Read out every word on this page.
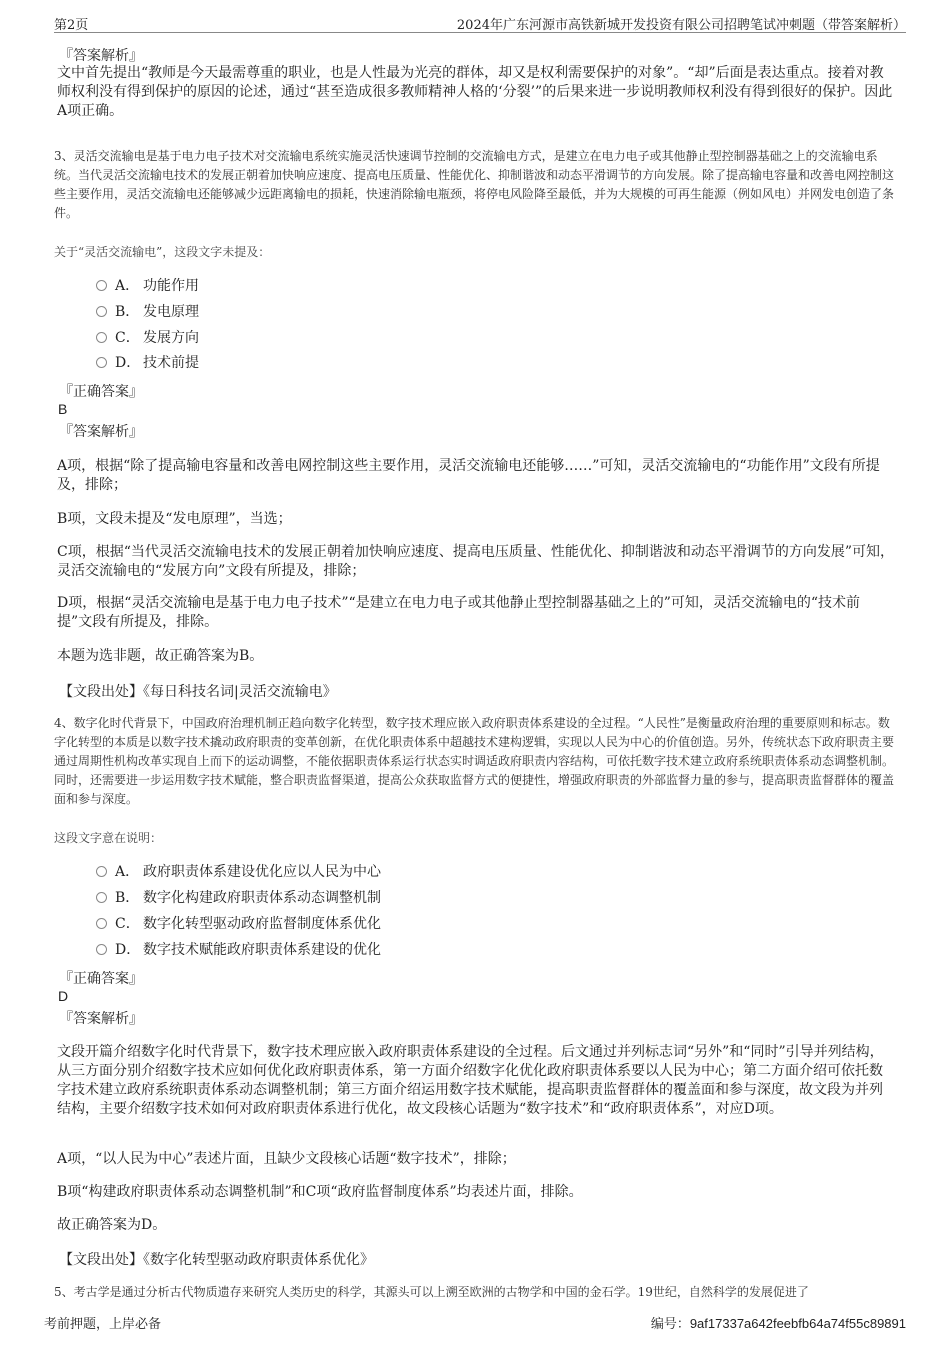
第2页	2024年广东河源市高铁新城开发投资有限公司招聘笔试冲刺题（带答案解析）
『答案解析』
文中首先提出“教师是今天最需尊重的职业，也是人性最为光亮的群体，却又是权利需要保护的对象”。“却”后面是表达重点。接着对教师权利没有得到保护的原因的论述，通过“甚至造成很多教师精神人格的‘分裂’”的后果来进一步说明教师权利没有得到很好的保护。因此A项正确。
3、灵活交流输电是基于电力电子技术对交流输电系统实施灵活快速调节控制的交流输电方式，是建立在电力电子或其他静止型控制器基础之上的交流输电系统。当代灵活交流输电技术的发展正朝着加快响应速度、提高电压质量、性能优化、抑制谐波和动态平滑调节的方向发展。除了提高输电容量和改善电网控制这些主要作用，灵活交流输电还能够减少远距离输电的损耗，快速消除输电瓶颈，将停电风险降至最低，并为大规模的可再生能源（例如风电）并网发电创造了条件。
关于“灵活交流输电”，这段文字未提及：
A． 功能作用
B． 发电原理
C． 发展方向
D． 技术前提
『正确答案』
B
『答案解析』
A项，根据“除了提高输电容量和改善电网控制这些主要作用，灵活交流输电还能够……”可知，灵活交流输电的“功能作用”文段有所提及，排除；
B项，文段未提及“发电原理”，当选；
C项，根据“当代灵活交流输电技术的发展正朝着加快响应速度、提高电压质量、性能优化、抑制谐波和动态平滑调节的方向发展”可知，灵活交流输电的“发展方向”文段有所提及，排除；
D项，根据“灵活交流输电是基于电力电子技术”“是建立在电力电子或其他静止型控制器基础之上的”可知，灵活交流输电的“技术前提”文段有所提及，排除。
本题为选非题，故正确答案为B。
【文段出处】《每日科技名词|灵活交流输电》
4、数字化时代背景下，中国政府治理机制正趋向数字化转型，数字技术理应嵌入政府职责体系建设的全过程。“人民性”是衡量政府治理的重要原则和标志。数字化转型的本质是以数字技术撬动政府职责的变革创新，在优化职责体系中超越技术建构逻辑，实现以人民为中心的价值创造。另外，传统状态下政府职责主要通过周期性机构改革实现自上而下的运动调整，不能依据职责体系运行状态实时调适政府职责内容结构，可依托数字技术建立政府系统职责体系动态调整机制。同时，还需要进一步运用数字技术赋能，整合职责监督渠道，提高公众获取监督方式的便捷性，增强政府职责的外部监督力量的参与，提高职责监督群体的覆盖面和参与深度。
这段文字意在说明：
A． 政府职责体系建设优化应以人民为中心
B． 数字化构建政府职责体系动态调整机制
C． 数字化转型驱动政府监督制度体系优化
D． 数字技术赋能政府职责体系建设的优化
『正确答案』
D
『答案解析』
文段开篇介绍数字化时代背景下，数字技术理应嵌入政府职责体系建设的全过程。后文通过并列标志词“另外”和“同时”引导并列结构，从三方面分别介绍数字技术应如何优化政府职责体系，第一方面介绍数字化优化政府职责体系要以人民为中心；第二方面介绍可依托数字技术建立政府系统职责体系动态调整机制；第三方面介绍运用数字技术赋能，提高职责监督群体的覆盖面和参与深度，故文段为并列结构，主要介绍数字技术如何对政府职责体系进行优化，故文段核心话题为“数字技术”和“政府职责体系”，对应D项。
A项，“以人民为中心”表述片面，且缺少文段核心话题“数字技术”，排除；
B项“构建政府职责体系动态调整机制”和C项“政府监督制度体系”均表述片面，排除。
故正确答案为D。
【文段出处】《数字化转型驱动政府职责体系优化》
5、考古学是通过分析古代物质遗存来研究人类历史的科学，其源头可以上溯至欧洲的古物学和中国的金石学。19世纪，自然科学的发展促进了
考前押题，上岸必备	编号：9af17337a642feebfb64a74f55c89891
